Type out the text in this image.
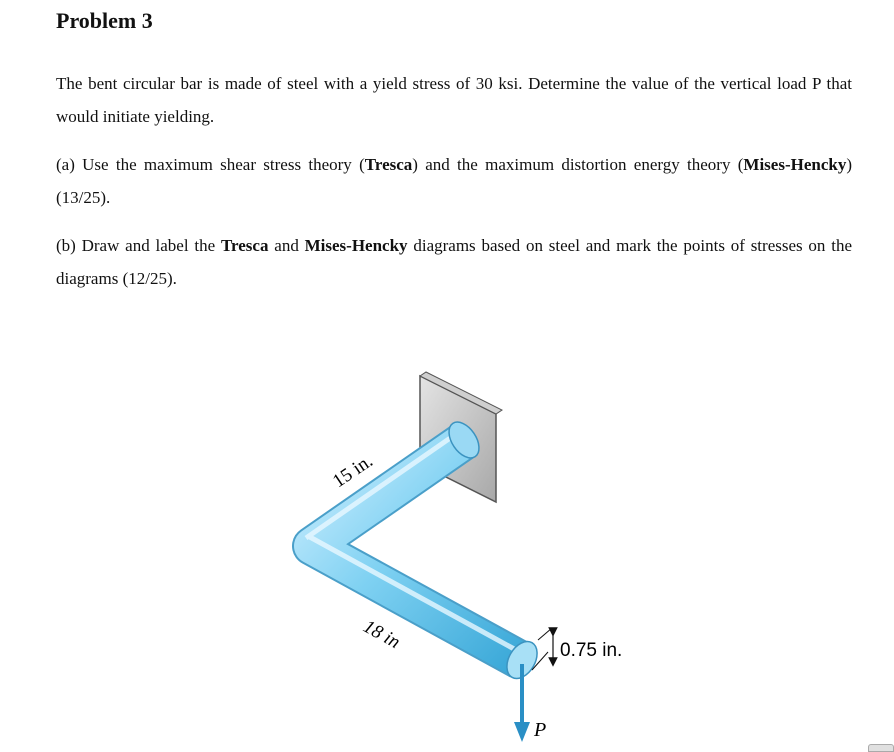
Problem 3

The bent circular bar is made of steel with a yield stress of 30 ksi. Determine the value of the vertical load P that would initiate yielding.

(a) Use the maximum shear stress theory (Tresca) and the maximum distortion energy theory (Mises-Hencky) (13/25).

(b) Draw and label the Tresca and Mises-Hencky diagrams based on steel and mark the points of stresses on the diagrams (12/25).

15 in.
18 in	0.75 in.
P
